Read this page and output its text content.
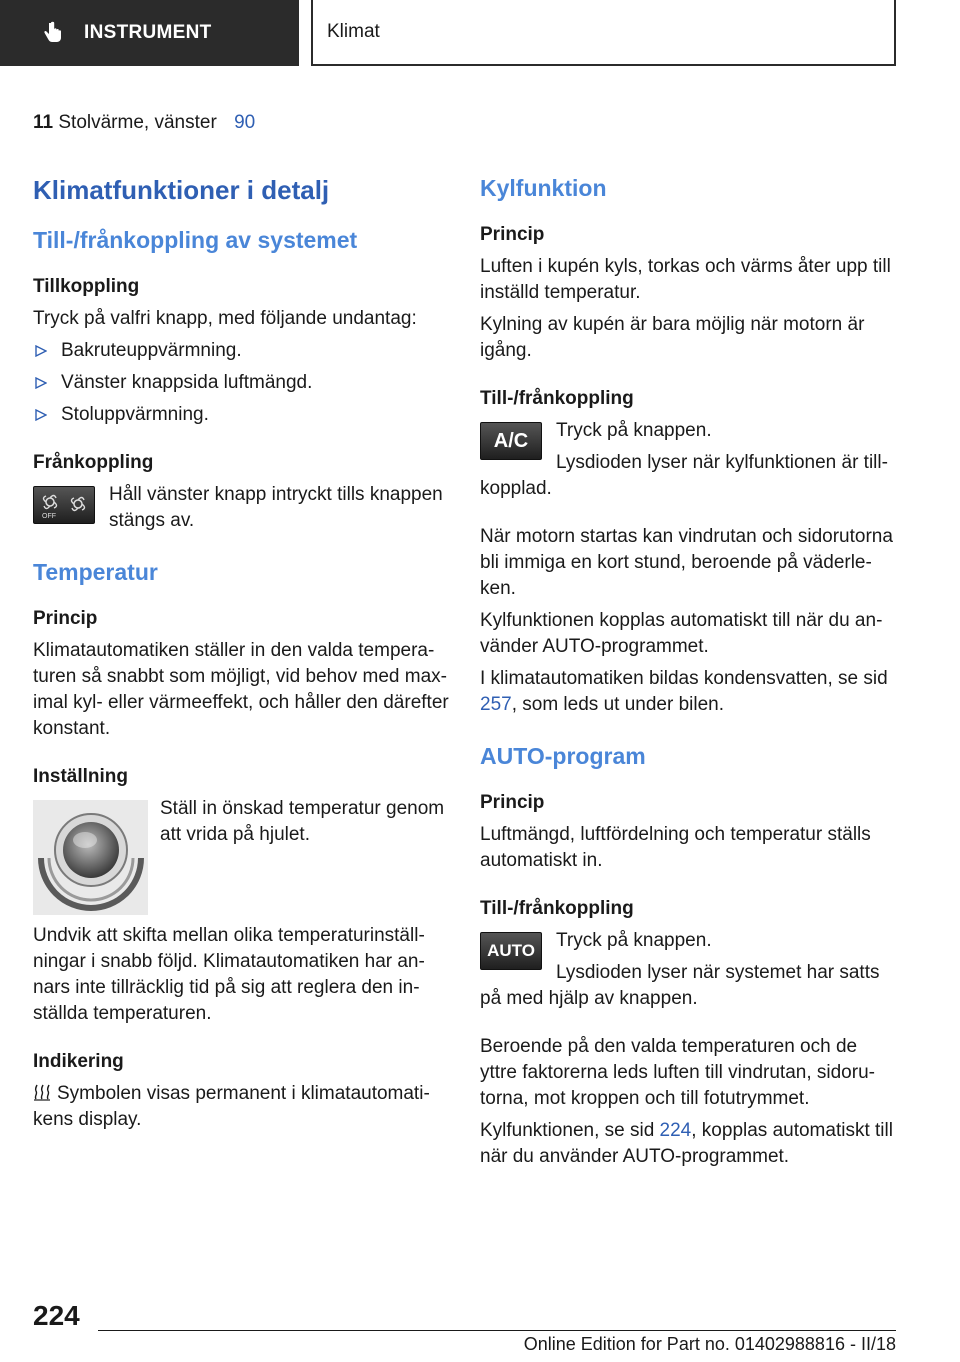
INSTRUMENT	Klimat
11 Stolvärme, vänster 90
Klimatfunktioner i detalj
Till-/frånkoppling av systemet
Tillkoppling

Tryck på valfri knapp, med följande undantag:

Bakruteuppvärmning.
Vänster knappsida luftmängd.
Stoluppvärmning.
Frånkoppling
OFF

Håll vänster knapp intryckt tills knappen stängs av.

Temperatur
Princip

Klimatautomatiken ställer in den valda temperaturen så snabbt som möjligt, vid behov med maximal kyl- eller värmeeffekt, och håller den därefter konstant.

Inställning

Ställ in önskad temperatur genom att vrida på hjulet.

Undvik att skifta mellan olika temperaturinställningar i snabb följd. Klimatautomatiken har annars inte tillräcklig tid på sig att reglera den inställda temperaturen.

Indikering

Symbolen visas permanent i klimatautomatikens display.

Kylfunktion
Princip

Luften i kupén kyls, torkas och värms åter upp till inställd temperatur.

Kylning av kupén är bara möjlig när motorn är igång.

Till-/frånkoppling
A/C	Tryck på knappen.

Lysdioden lyser när kylfunktionen är tillkopplad.

När motorn startas kan vindrutan och sidorutorna bli immiga en kort stund, beroende på väderleken.

Kylfunktionen kopplas automatiskt till när du använder AUTO-programmet.

I klimatautomatiken bildas kondensvatten, se sid 257, som leds ut under bilen.

AUTO-program
Princip

Luftmängd, luftfördelning och temperatur ställs automatiskt in.

Till-/frånkoppling
AUTO	Tryck på knappen.

Lysdioden lyser när systemet har satts på med hjälp av knappen.

Beroende på den valda temperaturen och de yttre faktorerna leds luften till vindrutan, sidorutorna, mot kroppen och till fotutrymmet.

Kylfunktionen, se sid 224, kopplas automatiskt till när du använder AUTO-programmet.

224
Online Edition for Part no. 01402988816 - II/18
